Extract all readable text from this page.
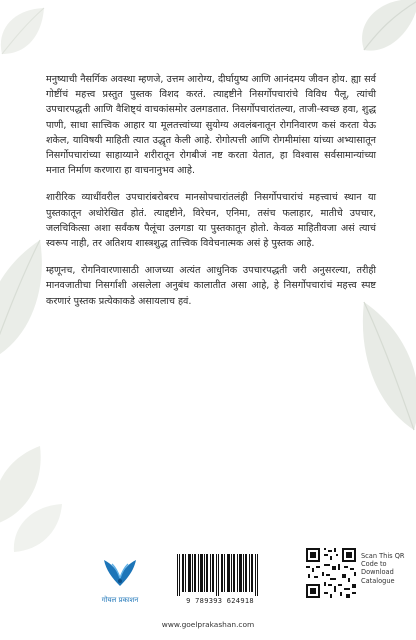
मनुष्याची नैसर्गिक अवस्था म्हणजे, उत्तम आरोग्य, दीर्घायुष्य आणि आनंदमय जीवन होय. ह्या सर्व गोष्टींचं महत्त्व प्रस्तुत पुस्तक विशद करतं. त्याद्दष्टीने निसर्गोपचारांचे विविध पैलू, त्यांची उपचारपद्धती आणि वैशिष्ट्यं वाचकांसमोर उलगडतात. निसर्गोपचारांतल्या, ताजी-स्वच्छ हवा, शुद्ध पाणी, साधा सात्त्विक आहार या मूलतत्त्वांच्या सुयोग्य अवलंबनातून रोगनिवारण कसं करता येऊ शकेल, याविषयी माहिती त्यात उद्धृत केली आहे. रोगोत्पत्ती आणि रोगमीमांसा यांच्या अभ्यासातून निसर्गोपचारांच्या साहाय्याने शरीरातून रोगबीजं नष्ट करता येतात, हा विश्वास सर्वसामान्यांच्या मनात निर्माण करणारा हा वाचनानुभव आहे.

शारीरिक व्याधींवरील उपचारांबरोबरच मानसोपचारांतलंही निसर्गोपचारांचं महत्त्वाचं स्थान या पुस्तकातून अधोरेखित होतं. त्याद्दष्टीने, विरेचन, एनिमा, तसंच फलाहार, मातीचे उपचार, जलचिकित्सा अशा सर्वंकष पैलूंचा उलगडा या पुस्तकातून होतो. केवळ माहितीवजा असं त्याचं स्वरूप नाही, तर अतिशय शास्त्रशुद्ध तात्त्विक विवेचनात्मक असं हे पुस्तक आहे.

म्हणूनच, रोगनिवारणासाठी आजच्या अत्यंत आधुनिक उपचारपद्धती जरी अनुसरल्या, तरीही मानवजातीचा निसर्गाशी असलेला अनुबंध कालातीत असा आहे, हे निसर्गोपचारांचं महत्त्व स्पष्ट करणारं पुस्तक प्रत्येकाकडे असायलाच हवं.

गोयल प्रकाशन	9 789393 624918
Scan This QR Code to Download Catalogue
www.goelprakashan.com
